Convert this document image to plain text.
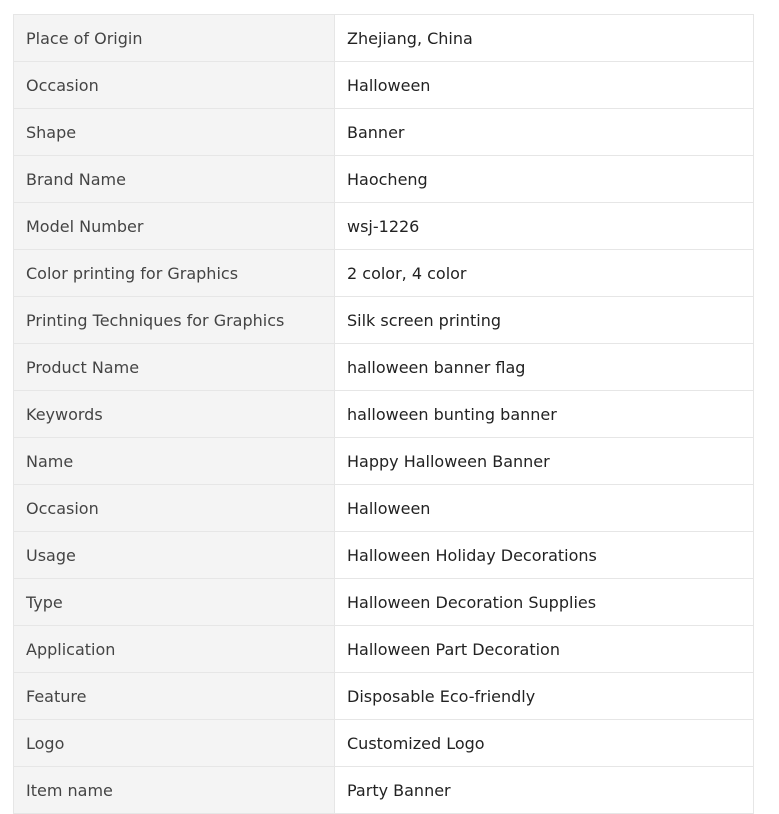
Place of Origin	Zhejiang, China
Occasion	Halloween
Shape	Banner
Brand Name	Haocheng
Model Number	wsj-1226
Color printing for Graphics	2 color, 4 color
Printing Techniques for Graphics	Silk screen printing
Product Name	halloween banner flag
Keywords	halloween bunting banner
Name	Happy Halloween Banner
Occasion	Halloween
Usage	Halloween Holiday Decorations
Type	Halloween Decoration Supplies
Application	Halloween Part Decoration
Feature	Disposable Eco-friendly
Logo	Customized Logo
Item name	Party Banner
